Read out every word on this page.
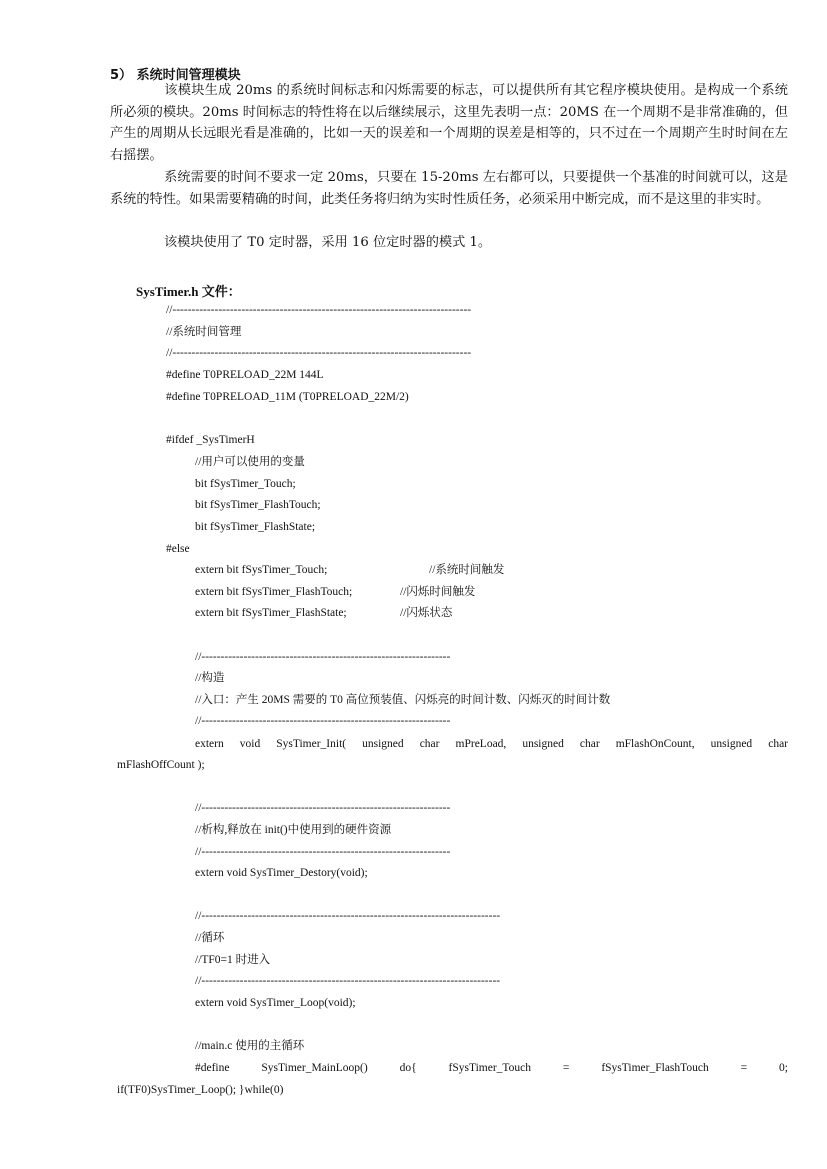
5） 系统时间管理模块
该模块生成 20ms 的系统时间标志和闪烁需要的标志，可以提供所有其它程序模块使用。是构成一个系统所必须的模块。20ms 时间标志的特性将在以后继续展示，这里先表明一点：20MS 在一个周期不是非常准确的，但产生的周期从长远眼光看是准确的，比如一天的误差和一个周期的误差是相等的，只不过在一个周期产生时时间在左右摇摆。
系统需要的时间不要求一定 20ms，只要在 15-20ms 左右都可以，只要提供一个基准的时间就可以，这是系统的特性。如果需要精确的时间，此类任务将归纳为实时性质任务，必须采用中断完成，而不是这里的非实时。
该模块使用了 T0 定时器，采用 16 位定时器的模式 1。
SysTimer.h 文件：
//------------------------------------------------------------------------------
//系统时间管理
//------------------------------------------------------------------------------
#define T0PRELOAD_22M 144L
#define T0PRELOAD_11M (T0PRELOAD_22M/2)
#ifdef _SysTimerH
//用户可以使用的变量
bit fSysTimer_Touch;
bit fSysTimer_FlashTouch;
bit fSysTimer_FlashState;
#else
extern bit fSysTimer_Touch;	//系统时间触发
extern bit fSysTimer_FlashTouch;	//闪烁时间触发
extern bit fSysTimer_FlashState;	//闪烁状态
//-----------------------------------------------------------------
//构造
//入口：产生 20MS 需要的 T0 高位预装值、闪烁亮的时间计数、闪烁灭的时间计数
//-----------------------------------------------------------------
extern void SysTimer_Init( unsigned char mPreLoad, unsigned char mFlashOnCount, unsigned char
mFlashOffCount );
//-----------------------------------------------------------------
//析构,释放在 init()中使用到的硬件资源
//-----------------------------------------------------------------
extern void SysTimer_Destory(void);
//------------------------------------------------------------------------------
//循环
//TF0=1 时进入
//------------------------------------------------------------------------------
extern void SysTimer_Loop(void);
//main.c 使用的主循环
#define SysTimer_MainLoop() do{ fSysTimer_Touch = fSysTimer_FlashTouch = 0;
if(TF0)SysTimer_Loop(); }while(0)
